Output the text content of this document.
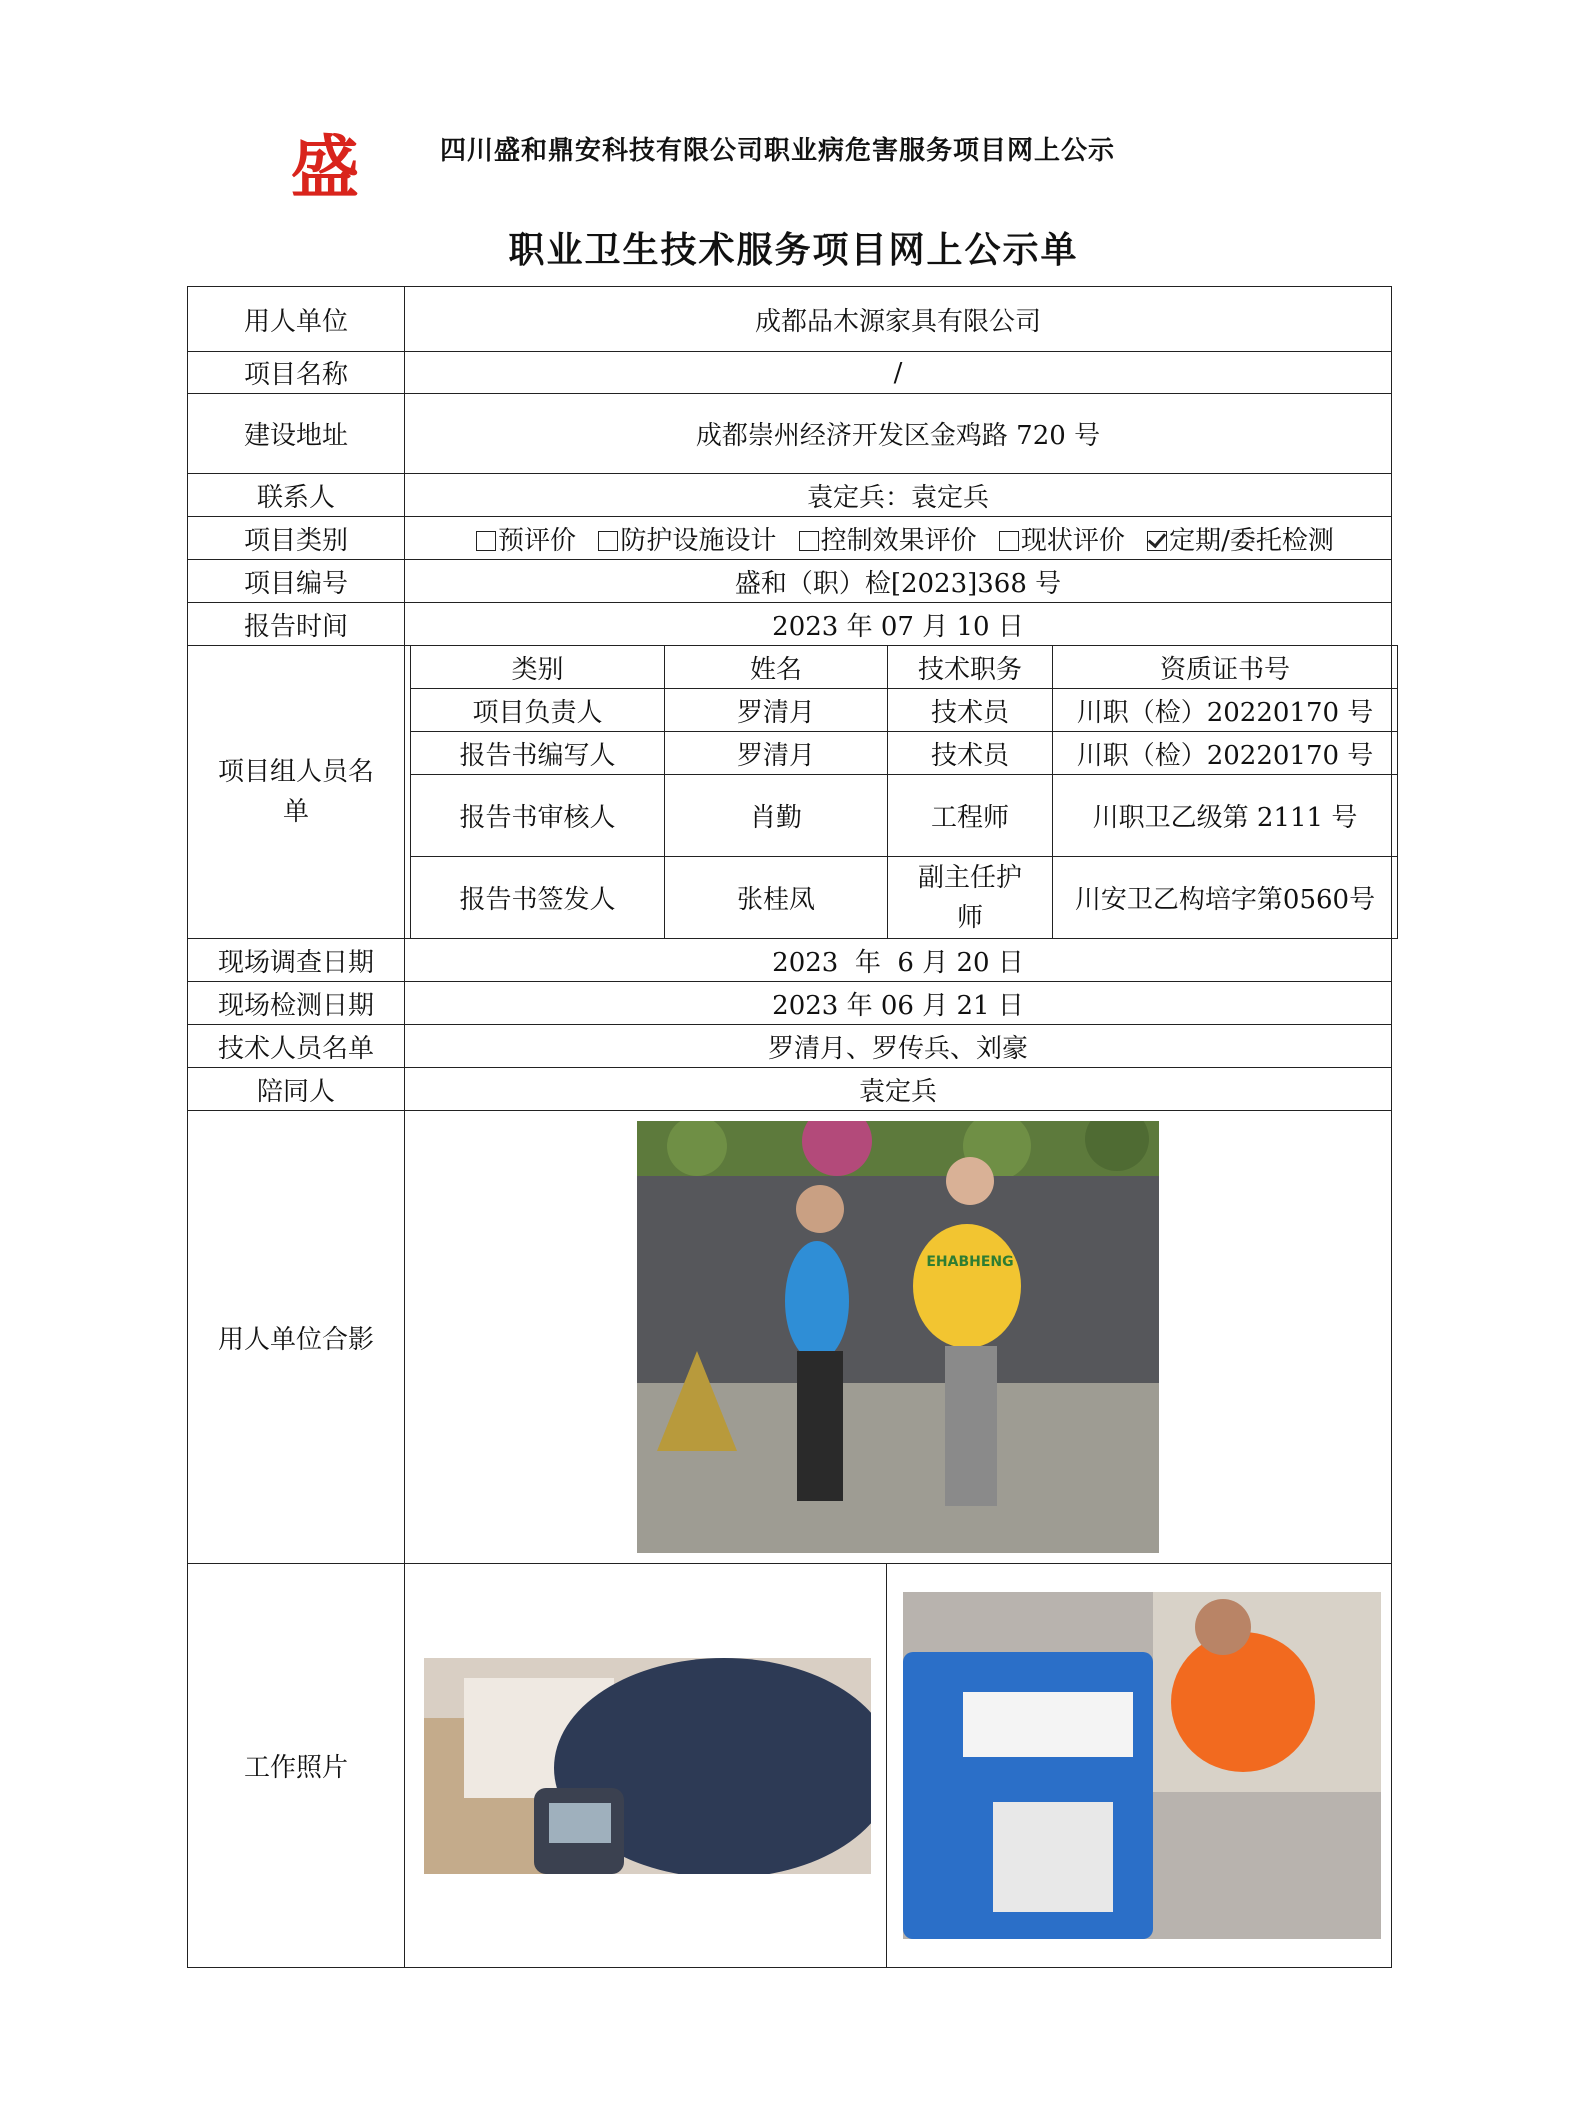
盛	四川盛和鼎安科技有限公司职业病危害服务项目网上公示
职业卫生技术服务项目网上公示单
用人单位	成都品木源家具有限公司
项目名称	/
建设地址	成都崇州经济开发区金鸡路 720 号
联系人	袁定兵：袁定兵
项目类别	预评价 防护设施设计 控制效果评价 现状评价 定期/委托检测
项目编号	盛和（职）检[2023]368 号
报告时间	2023 年 07 月 10 日
项目组人员名单	
类别	姓名	技术职务	资质证书号
项目负责人	罗清月	技术员	川职（检）20220170 号
报告书编写人	罗清月	技术员	川职（检）20220170 号
报告书审核人	肖勤	工程师	川职卫乙级第 2111 号
报告书签发人	张桂凤	副主任护师	川安卫乙构培字第0560号

现场调查日期	2023  年  6 月 20 日
现场检测日期	2023 年 06 月 21 日
技术人员名单	罗清月、罗传兵、刘豪
陪同人	袁定兵
用人单位合影	
EHABHENG

工作照片	
